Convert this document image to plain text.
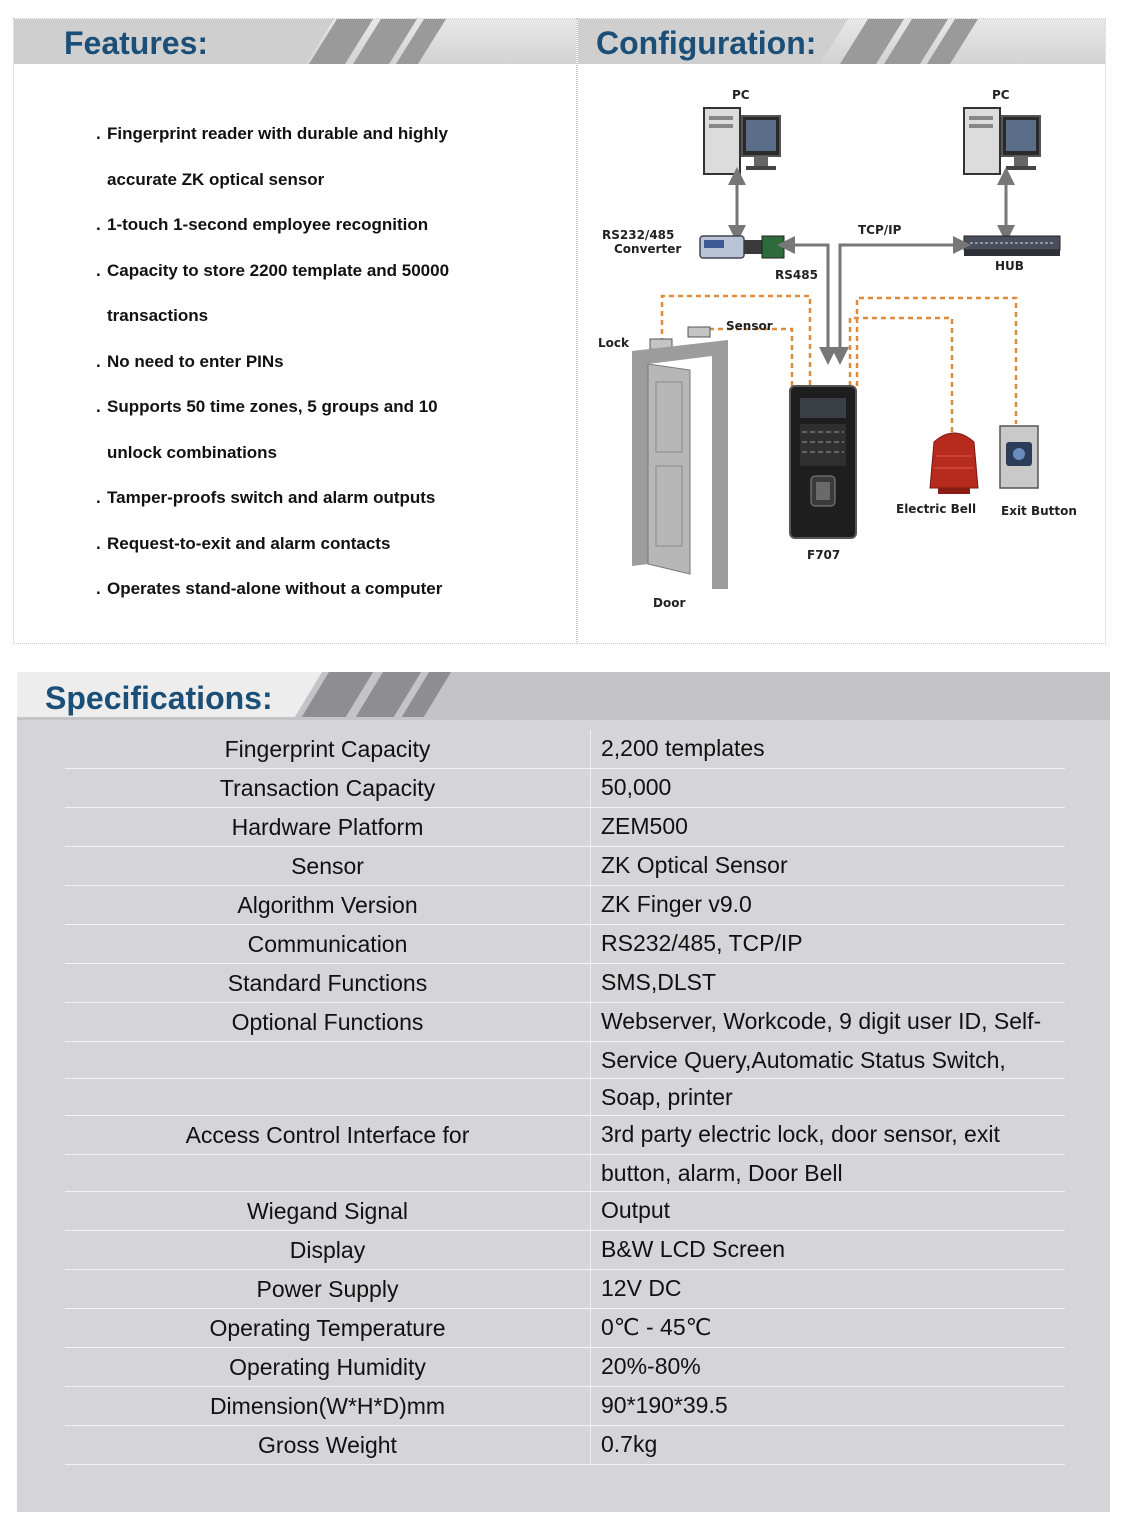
Features:
. Fingerprint reader with durable and highly
accurate ZK optical sensor
. 1-touch 1-second employee recognition
. Capacity to store 2200 template and 50000
transactions
. No need to enter PINs
. Supports 50 time zones, 5 groups and 10
unlock combinations
. Tamper-proofs switch and alarm outputs
. Request-to-exit and alarm contacts
. Operates stand-alone without a computer
Configuration:
PC	PC
RS232/485
Converter
HUB
TCP/IP
RS485
Lock
Sensor
Door
F707
Electric Bell Exit Button
Specifications:
Fingerprint Capacity	2,200 templates
Transaction Capacity	50,000
Hardware Platform	ZEM500
Sensor	ZK Optical Sensor
Algorithm Version	ZK Finger v9.0
Communication	RS232/485, TCP/IP
Standard Functions	SMS,DLST
Optional Functions	Webserver, Workcode, 9 digit user ID, Self-
Service Query,Automatic Status Switch,
Soap, printer
Access Control Interface for	3rd party electric lock, door sensor, exit
button, alarm, Door Bell
Wiegand Signal	Output
Display	B&W LCD Screen
Power Supply	12V DC
Operating Temperature	0℃ - 45℃
Operating Humidity	20%-80%
Dimension(W*H*D)mm	90*190*39.5
Gross Weight	0.7kg
